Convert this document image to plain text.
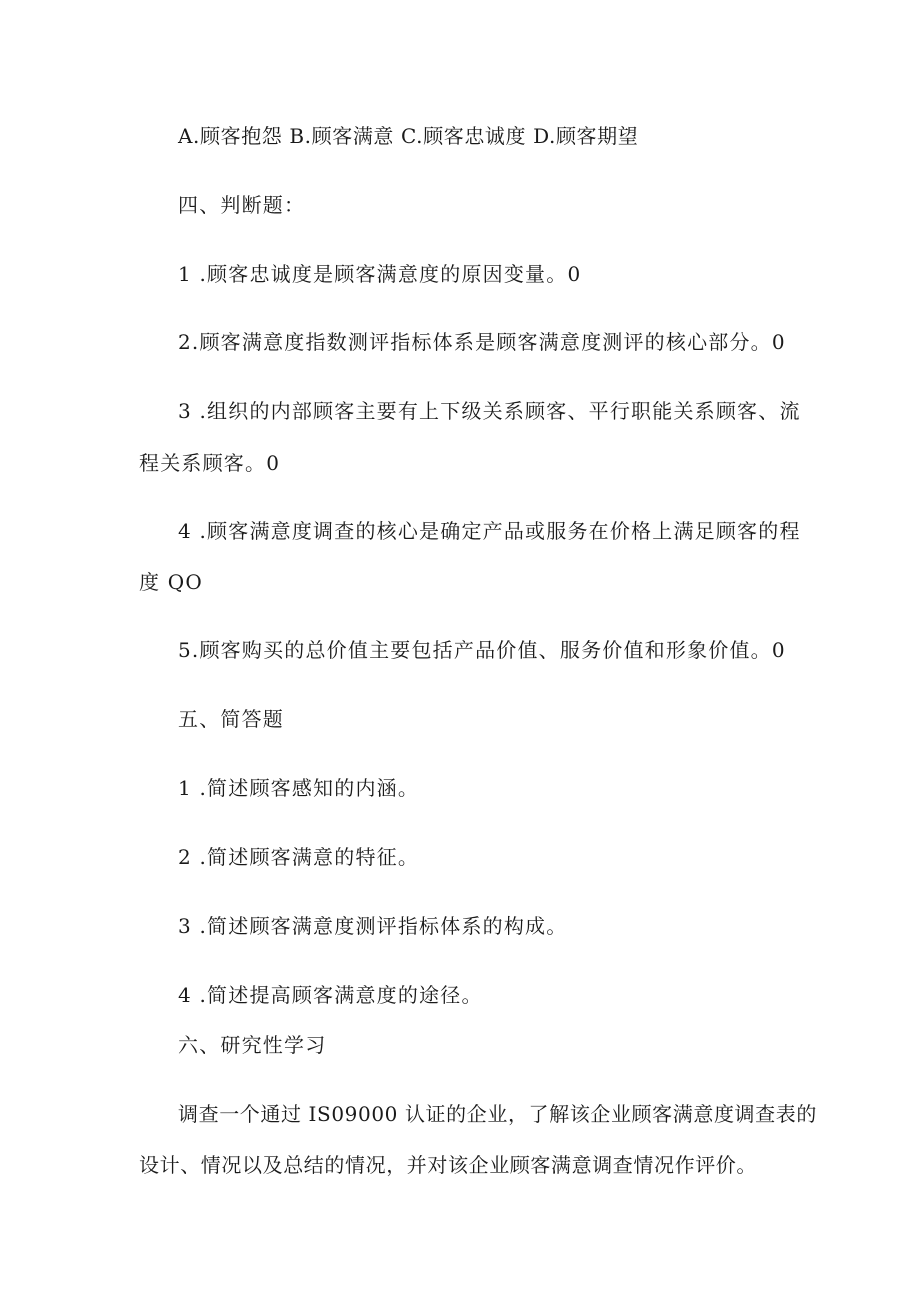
A.顾客抱怨 B.顾客满意 C.顾客忠诚度 D.顾客期望
四、判断题：
1 .顾客忠诚度是顾客满意度的原因变量。0
2.顾客满意度指数测评指标体系是顾客满意度测评的核心部分。0
3 .组织的内部顾客主要有上下级关系顾客、平行职能关系顾客、流
程关系顾客。0
4 .顾客满意度调查的核心是确定产品或服务在价格上满足顾客的程
度 QO
5.顾客购买的总价值主要包括产品价值、服务价值和形象价值。0
五、简答题
1 .简述顾客感知的内涵。
2 .简述顾客满意的特征。
3 .简述顾客满意度测评指标体系的构成。
4 .简述提高顾客满意度的途径。
六、研究性学习
调查一个通过 IS09000 认证的企业，了解该企业顾客满意度调查表的
设计、情况以及总结的情况，并对该企业顾客满意调查情况作评价。
